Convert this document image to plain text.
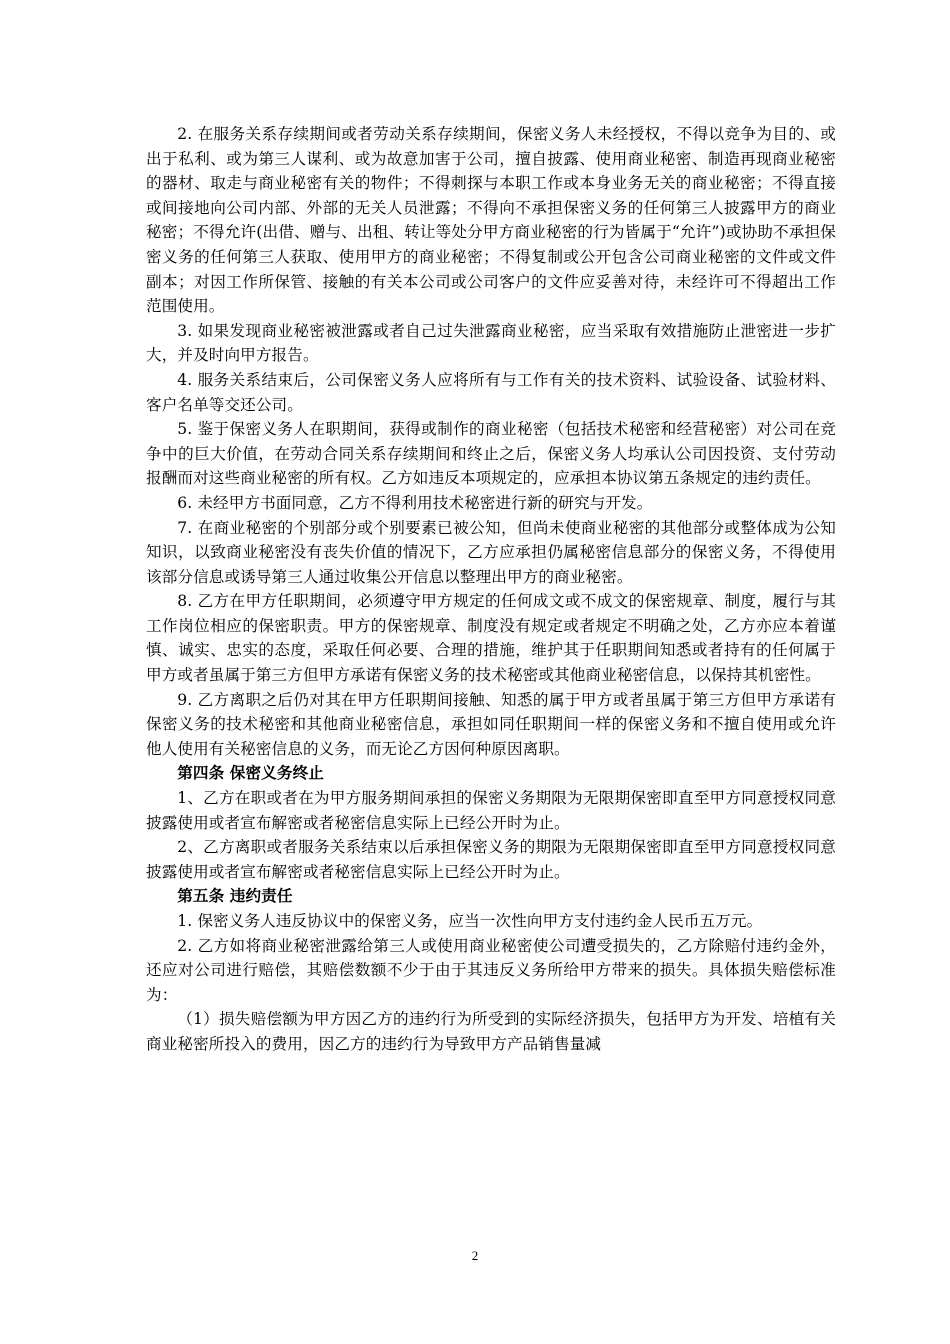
2. 在服务关系存续期间或者劳动关系存续期间，保密义务人未经授权，不得以竞争为目的、或出于私利、或为第三人谋利、或为故意加害于公司，擅自披露、使用商业秘密、制造再现商业秘密的器材、取走与商业秘密有关的物件；不得刺探与本职工作或本身业务无关的商业秘密；不得直接或间接地向公司内部、外部的无关人员泄露；不得向不承担保密义务的任何第三人披露甲方的商业秘密；不得允许(出借、赠与、出租、转让等处分甲方商业秘密的行为皆属于“允许”)或协助不承担保密义务的任何第三人获取、使用甲方的商业秘密；不得复制或公开包含公司商业秘密的文件或文件副本；对因工作所保管、接触的有关本公司或公司客户的文件应妥善对待，未经许可不得超出工作范围使用。

3. 如果发现商业秘密被泄露或者自己过失泄露商业秘密，应当采取有效措施防止泄密进一步扩大，并及时向甲方报告。

4. 服务关系结束后，公司保密义务人应将所有与工作有关的技术资料、试验设备、试验材料、客户名单等交还公司。

5. 鉴于保密义务人在职期间，获得或制作的商业秘密（包括技术秘密和经营秘密）对公司在竞争中的巨大价值，在劳动合同关系存续期间和终止之后，保密义务人均承认公司因投资、支付劳动报酬而对这些商业秘密的所有权。乙方如违反本项规定的，应承担本协议第五条规定的违约责任。

6. 未经甲方书面同意，乙方不得利用技术秘密进行新的研究与开发。

7. 在商业秘密的个别部分或个别要素已被公知，但尚未使商业秘密的其他部分或整体成为公知知识，以致商业秘密没有丧失价值的情况下，乙方应承担仍属秘密信息部分的保密义务，不得使用该部分信息或诱导第三人通过收集公开信息以整理出甲方的商业秘密。

8. 乙方在甲方任职期间，必须遵守甲方规定的任何成文或不成文的保密规章、制度，履行与其工作岗位相应的保密职责。甲方的保密规章、制度没有规定或者规定不明确之处，乙方亦应本着谨慎、诚实、忠实的态度，采取任何必要、合理的措施，维护其于任职期间知悉或者持有的任何属于甲方或者虽属于第三方但甲方承诺有保密义务的技术秘密或其他商业秘密信息，以保持其机密性。

9. 乙方离职之后仍对其在甲方任职期间接触、知悉的属于甲方或者虽属于第三方但甲方承诺有保密义务的技术秘密和其他商业秘密信息，承担如同任职期间一样的保密义务和不擅自使用或允许他人使用有关秘密信息的义务，而无论乙方因何种原因离职。

第四条 保密义务终止

1、乙方在职或者在为甲方服务期间承担的保密义务期限为无限期保密即直至甲方同意授权同意披露使用或者宣布解密或者秘密信息实际上已经公开时为止。

2、乙方离职或者服务关系结束以后承担保密义务的期限为无限期保密即直至甲方同意授权同意披露使用或者宣布解密或者秘密信息实际上已经公开时为止。

第五条 违约责任

1. 保密义务人违反协议中的保密义务，应当一次性向甲方支付违约金人民币五万元。

2. 乙方如将商业秘密泄露给第三人或使用商业秘密使公司遭受损失的，乙方除赔付违约金外，还应对公司进行赔偿，其赔偿数额不少于由于其违反义务所给甲方带来的损失。具体损失赔偿标准为：

（1）损失赔偿额为甲方因乙方的违约行为所受到的实际经济损失，包括甲方为开发、培植有关商业秘密所投入的费用，因乙方的违约行为导致甲方产品销售量减

2
